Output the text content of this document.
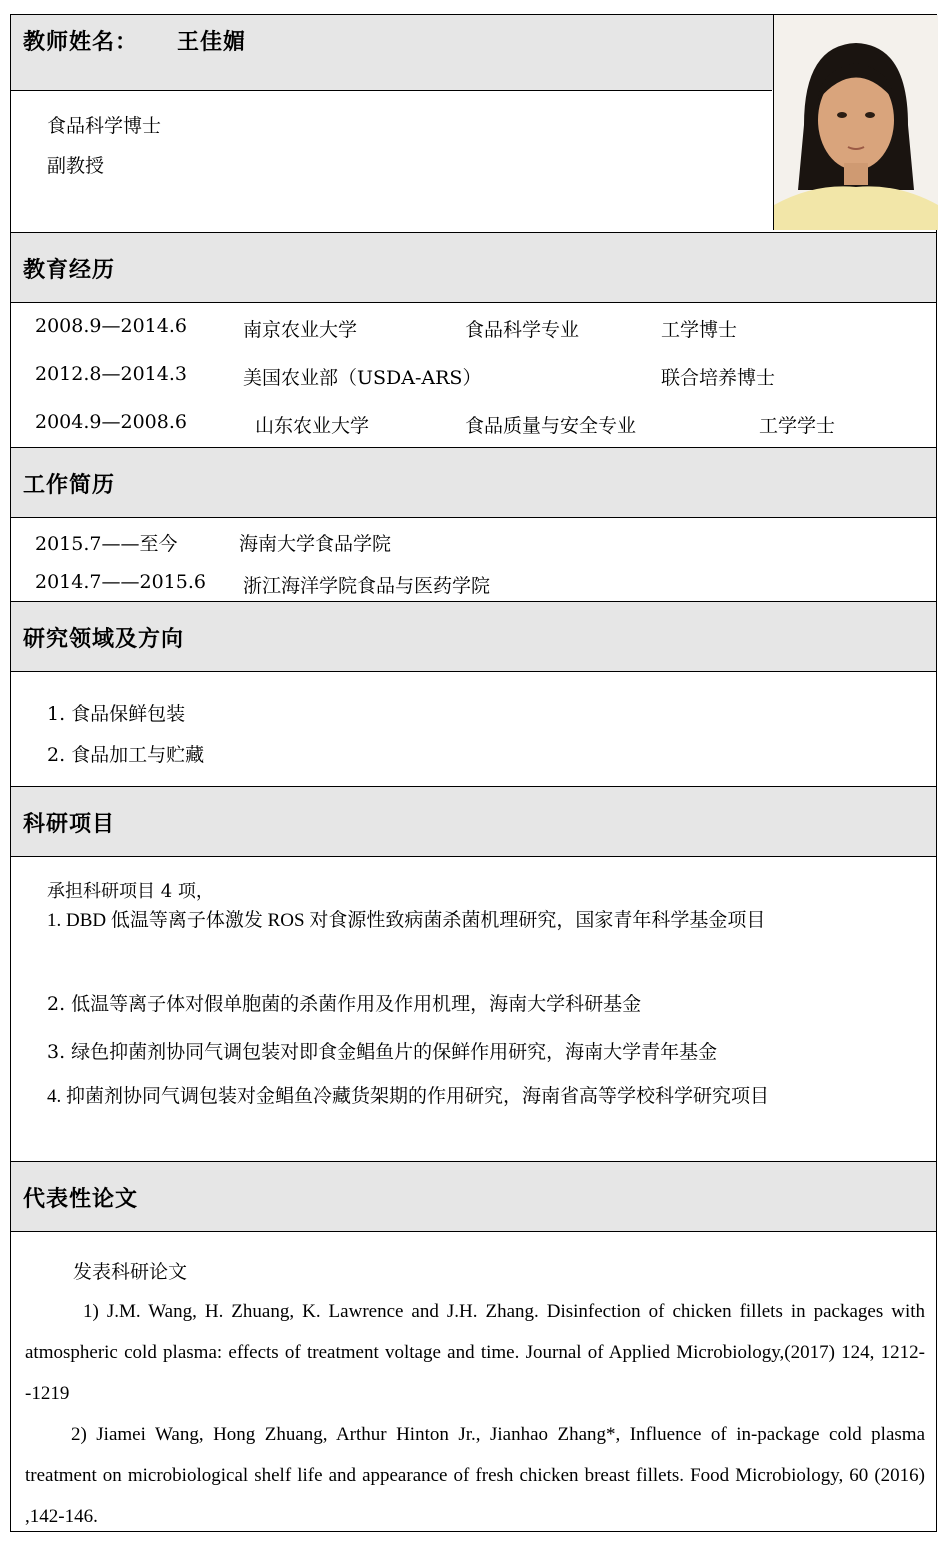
教师姓名： 王佳媚
食品科学博士
副教授
教育经历
2008.9—2014.6	南京农业大学	食品科学专业	工学博士
2012.8—2014.3	美国农业部（USDA-ARS）	联合培养博士
2004.9—2008.6	山东农业大学	食品质量与安全专业	工学学士
工作简历
2015.7——至今	海南大学食品学院
2014.7——2015.6 浙江海洋学院食品与医药学院
研究领域及方向
1. 食品保鲜包装
2. 食品加工与贮藏
科研项目
承担科研项目 4 项，
1. DBD 低温等离子体激发 ROS 对食源性致病菌杀菌机理研究，国家青年科学基金项目
2. 低温等离子体对假单胞菌的杀菌作用及作用机理，海南大学科研基金
3. 绿色抑菌剂协同气调包装对即食金鲳鱼片的保鲜作用研究，海南大学青年基金
4. 抑菌剂协同气调包装对金鲳鱼冷藏货架期的作用研究，海南省高等学校科学研究项目
代表性论文
发表科研论文
1) J.M. Wang, H. Zhuang, K. Lawrence and J.H. Zhang. Disinfection of chicken fillets in packages with atmospheric cold plasma: effects of treatment voltage and time. Journal of Applied Microbiology,(2017) 124, 1212--1219
2) Jiamei Wang, Hong Zhuang, Arthur Hinton Jr., Jianhao Zhang*, Influence of in-package cold plasma treatment on microbiological shelf life and appearance of fresh chicken breast fillets. Food Microbiology, 60 (2016) ,142-146.
